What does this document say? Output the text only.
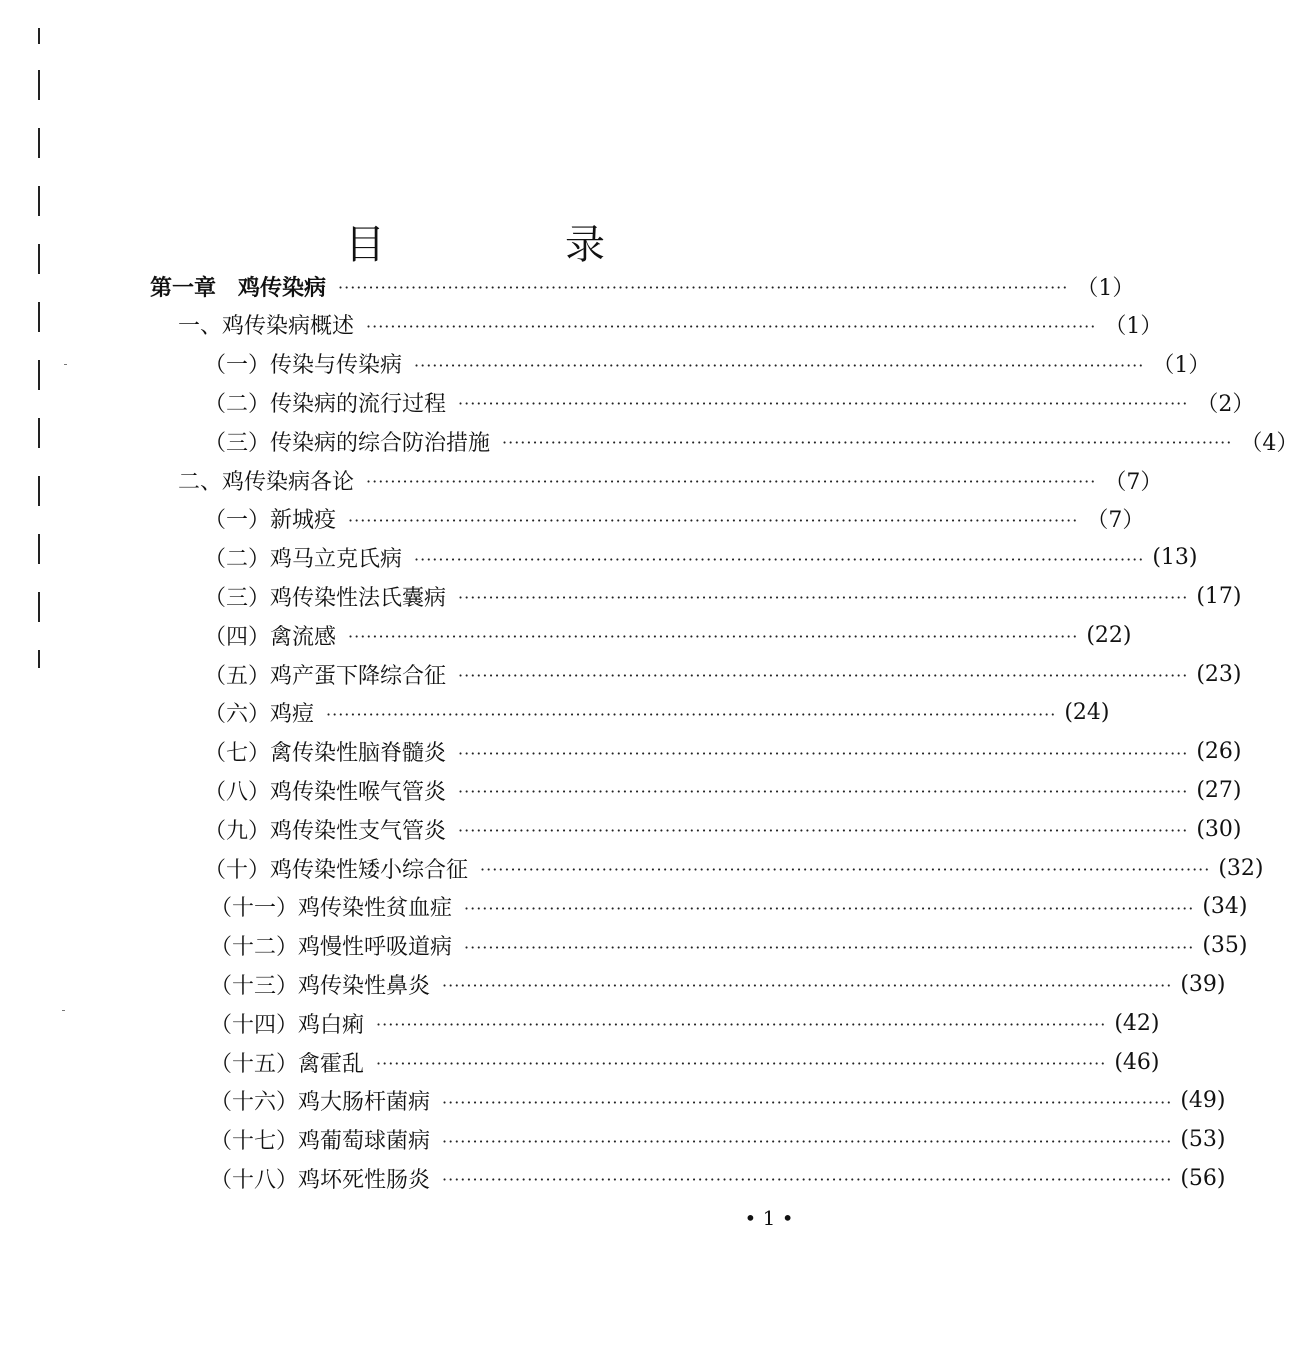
目　录
第一章　鸡传染病 ························································································································ （1）
一、鸡传染病概述 ························································································································ （1）
（一）传染与传染病 ························································································································ （1）
（二）传染病的流行过程 ························································································································ （2）
（三）传染病的综合防治措施 ························································································································ （4）
二、鸡传染病各论 ························································································································ （7）
（一）新城疫 ························································································································ （7）
（二）鸡马立克氏病 ························································································································ (13)
（三）鸡传染性法氏囊病 ························································································································ (17)
（四）禽流感 ························································································································ (22)
（五）鸡产蛋下降综合征 ························································································································ (23)
（六）鸡痘 ························································································································ (24)
（七）禽传染性脑脊髓炎 ························································································································ (26)
（八）鸡传染性喉气管炎 ························································································································ (27)
（九）鸡传染性支气管炎 ························································································································ (30)
（十）鸡传染性矮小综合征 ························································································································ (32)
（十一）鸡传染性贫血症 ························································································································ (34)
（十二）鸡慢性呼吸道病 ························································································································ (35)
（十三）鸡传染性鼻炎 ························································································································ (39)
（十四）鸡白痢 ························································································································ (42)
（十五）禽霍乱 ························································································································ (46)
（十六）鸡大肠杆菌病 ························································································································ (49)
（十七）鸡葡萄球菌病 ························································································································ (53)
（十八）鸡坏死性肠炎 ························································································································ (56)
• 1 •
